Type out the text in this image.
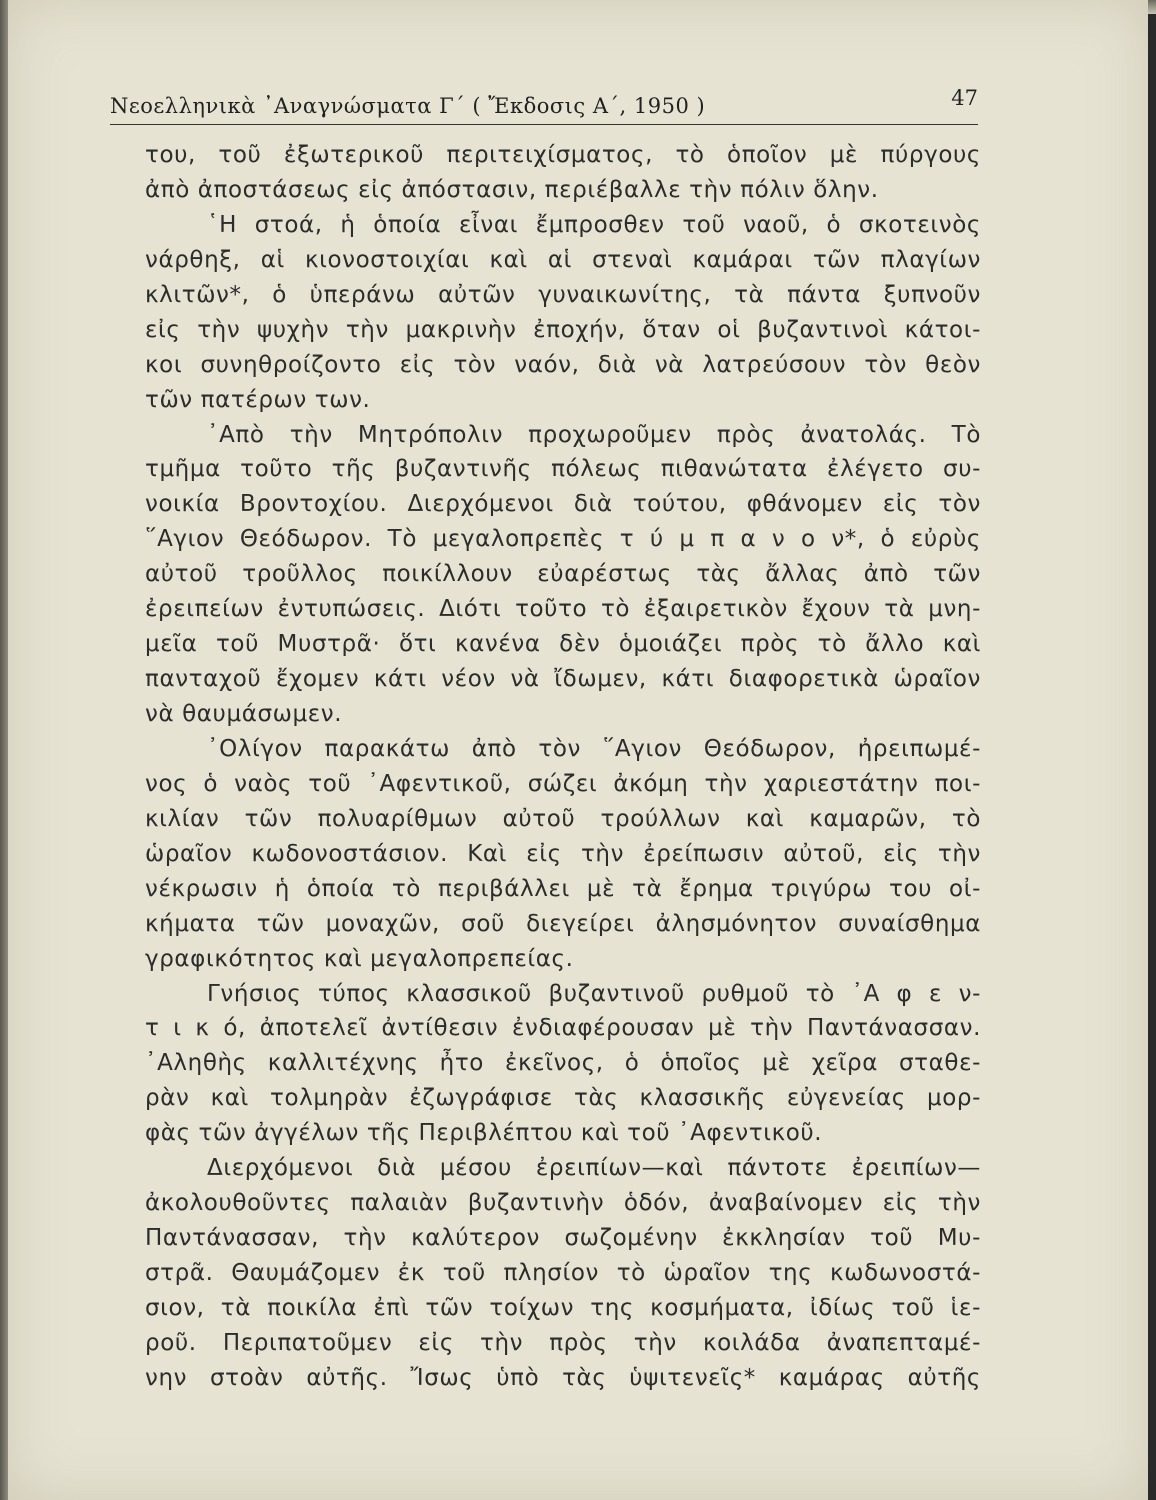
Νεοελληνικὰ ᾿Αναγνώσματα Γ΄ ( Ἔκδοσις Α΄, 1950 )	47
του, τοῦ ἐξωτερικοῦ περιτειχίσματος, τὸ ὁποῖον μὲ πύργους
ἀπὸ ἀποστάσεως εἰς ἀπόστασιν, περιέβαλλε τὴν πόλιν ὅλην.
῾Η στοά, ἡ ὁποία εἶναι ἔμπροσθεν τοῦ ναοῦ, ὁ σκοτεινὸς
νάρθηξ, αἱ κιονοστοιχίαι καὶ αἱ στεναὶ καμάραι τῶν πλαγίων
κλιτῶν*, ὁ ὑπεράνω αὐτῶν γυναικωνίτης, τὰ πάντα ξυπνοῦν
εἰς τὴν ψυχὴν τὴν μακρινὴν ἐποχήν, ὅταν οἱ βυζαντινοὶ κάτοι-
κοι συνηθροίζοντο εἰς τὸν ναόν, διὰ νὰ λατρεύσουν τὸν θεὸν
τῶν πατέρων των.
᾿Απὸ τὴν Μητρόπολιν προχωροῦμεν πρὸς ἀνατολάς. Τὸ
τμῆμα τοῦτο τῆς βυζαντινῆς πόλεως πιθανώτατα ἐλέγετο συ-
νοικία Βροντοχίου. Διερχόμενοι διὰ τούτου, φθάνομεν εἰς τὸν
῞Αγιον Θεόδωρον. Τὸ μεγαλοπρεπὲς τ ύ μ π α ν ο ν*, ὁ εὐρὺς
αὐτοῦ τροῦλλος ποικίλλουν εὐαρέστως τὰς ἄλλας ἀπὸ τῶν
ἐρειπείων ἐντυπώσεις. Διότι τοῦτο τὸ ἐξαιρετικὸν ἔχουν τὰ μνη-
μεῖα τοῦ Μυστρᾶ· ὅτι κανένα δὲν ὁμοιάζει πρὸς τὸ ἄλλο καὶ
πανταχοῦ ἔχομεν κάτι νέον νὰ ἴδωμεν, κάτι διαφορετικὰ ὡραῖον
νὰ θαυμάσωμεν.
᾿Ολίγον παρακάτω ἀπὸ τὸν ῞Αγιον Θεόδωρον, ἠρειπωμέ-
νος ὁ ναὸς τοῦ ᾿Αφεντικοῦ, σώζει ἀκόμη τὴν χαριεστάτην ποι-
κιλίαν τῶν πολυαρίθμων αὐτοῦ τρούλλων καὶ καμαρῶν, τὸ
ὡραῖον κωδονοστάσιον. Καὶ εἰς τὴν ἐρείπωσιν αὐτοῦ, εἰς τὴν
νέκρωσιν ἡ ὁποία τὸ περιβάλλει μὲ τὰ ἔρημα τριγύρω του οἰ-
κήματα τῶν μοναχῶν, σοῦ διεγείρει ἀλησμόνητον συναίσθημα
γραφικότητος καὶ μεγαλοπρεπείας.
Γνήσιος τύπος κλασσικοῦ βυζαντινοῦ ρυθμοῦ τὸ ᾿Α φ ε ν-
τ ι κ ό, ἀποτελεῖ ἀντίθεσιν ἐνδιαφέρουσαν μὲ τὴν Παντάνασσαν.
᾿Αληθὴς καλλιτέχνης ἦτο ἐκεῖνος, ὁ ὁποῖος μὲ χεῖρα σταθε-
ρὰν καὶ τολμηρὰν ἐζωγράφισε τὰς κλασσικῆς εὐγενείας μορ-
φὰς τῶν ἀγγέλων τῆς Περιβλέπτου καὶ τοῦ ᾿Αφεντικοῦ.
Διερχόμενοι διὰ μέσου ἐρειπίων—καὶ πάντοτε ἐρειπίων—
ἀκολουθοῦντες παλαιὰν βυζαντινὴν ὁδόν, ἀναβαίνομεν εἰς τὴν
Παντάνασσαν, τὴν καλύτερον σωζομένην ἐκκλησίαν τοῦ Μυ-
στρᾶ. Θαυμάζομεν ἐκ τοῦ πλησίον τὸ ὡραῖον της κωδωνοστά-
σιον, τὰ ποικίλα ἐπὶ τῶν τοίχων της κοσμήματα, ἰδίως τοῦ ἱε-
ροῦ. Περιπατοῦμεν εἰς τὴν πρὸς τὴν κοιλάδα ἀναπεπταμέ-
νην στοὰν αὐτῆς. Ἴσως ὑπὸ τὰς ὑψιτενεῖς* καμάρας αὐτῆς
